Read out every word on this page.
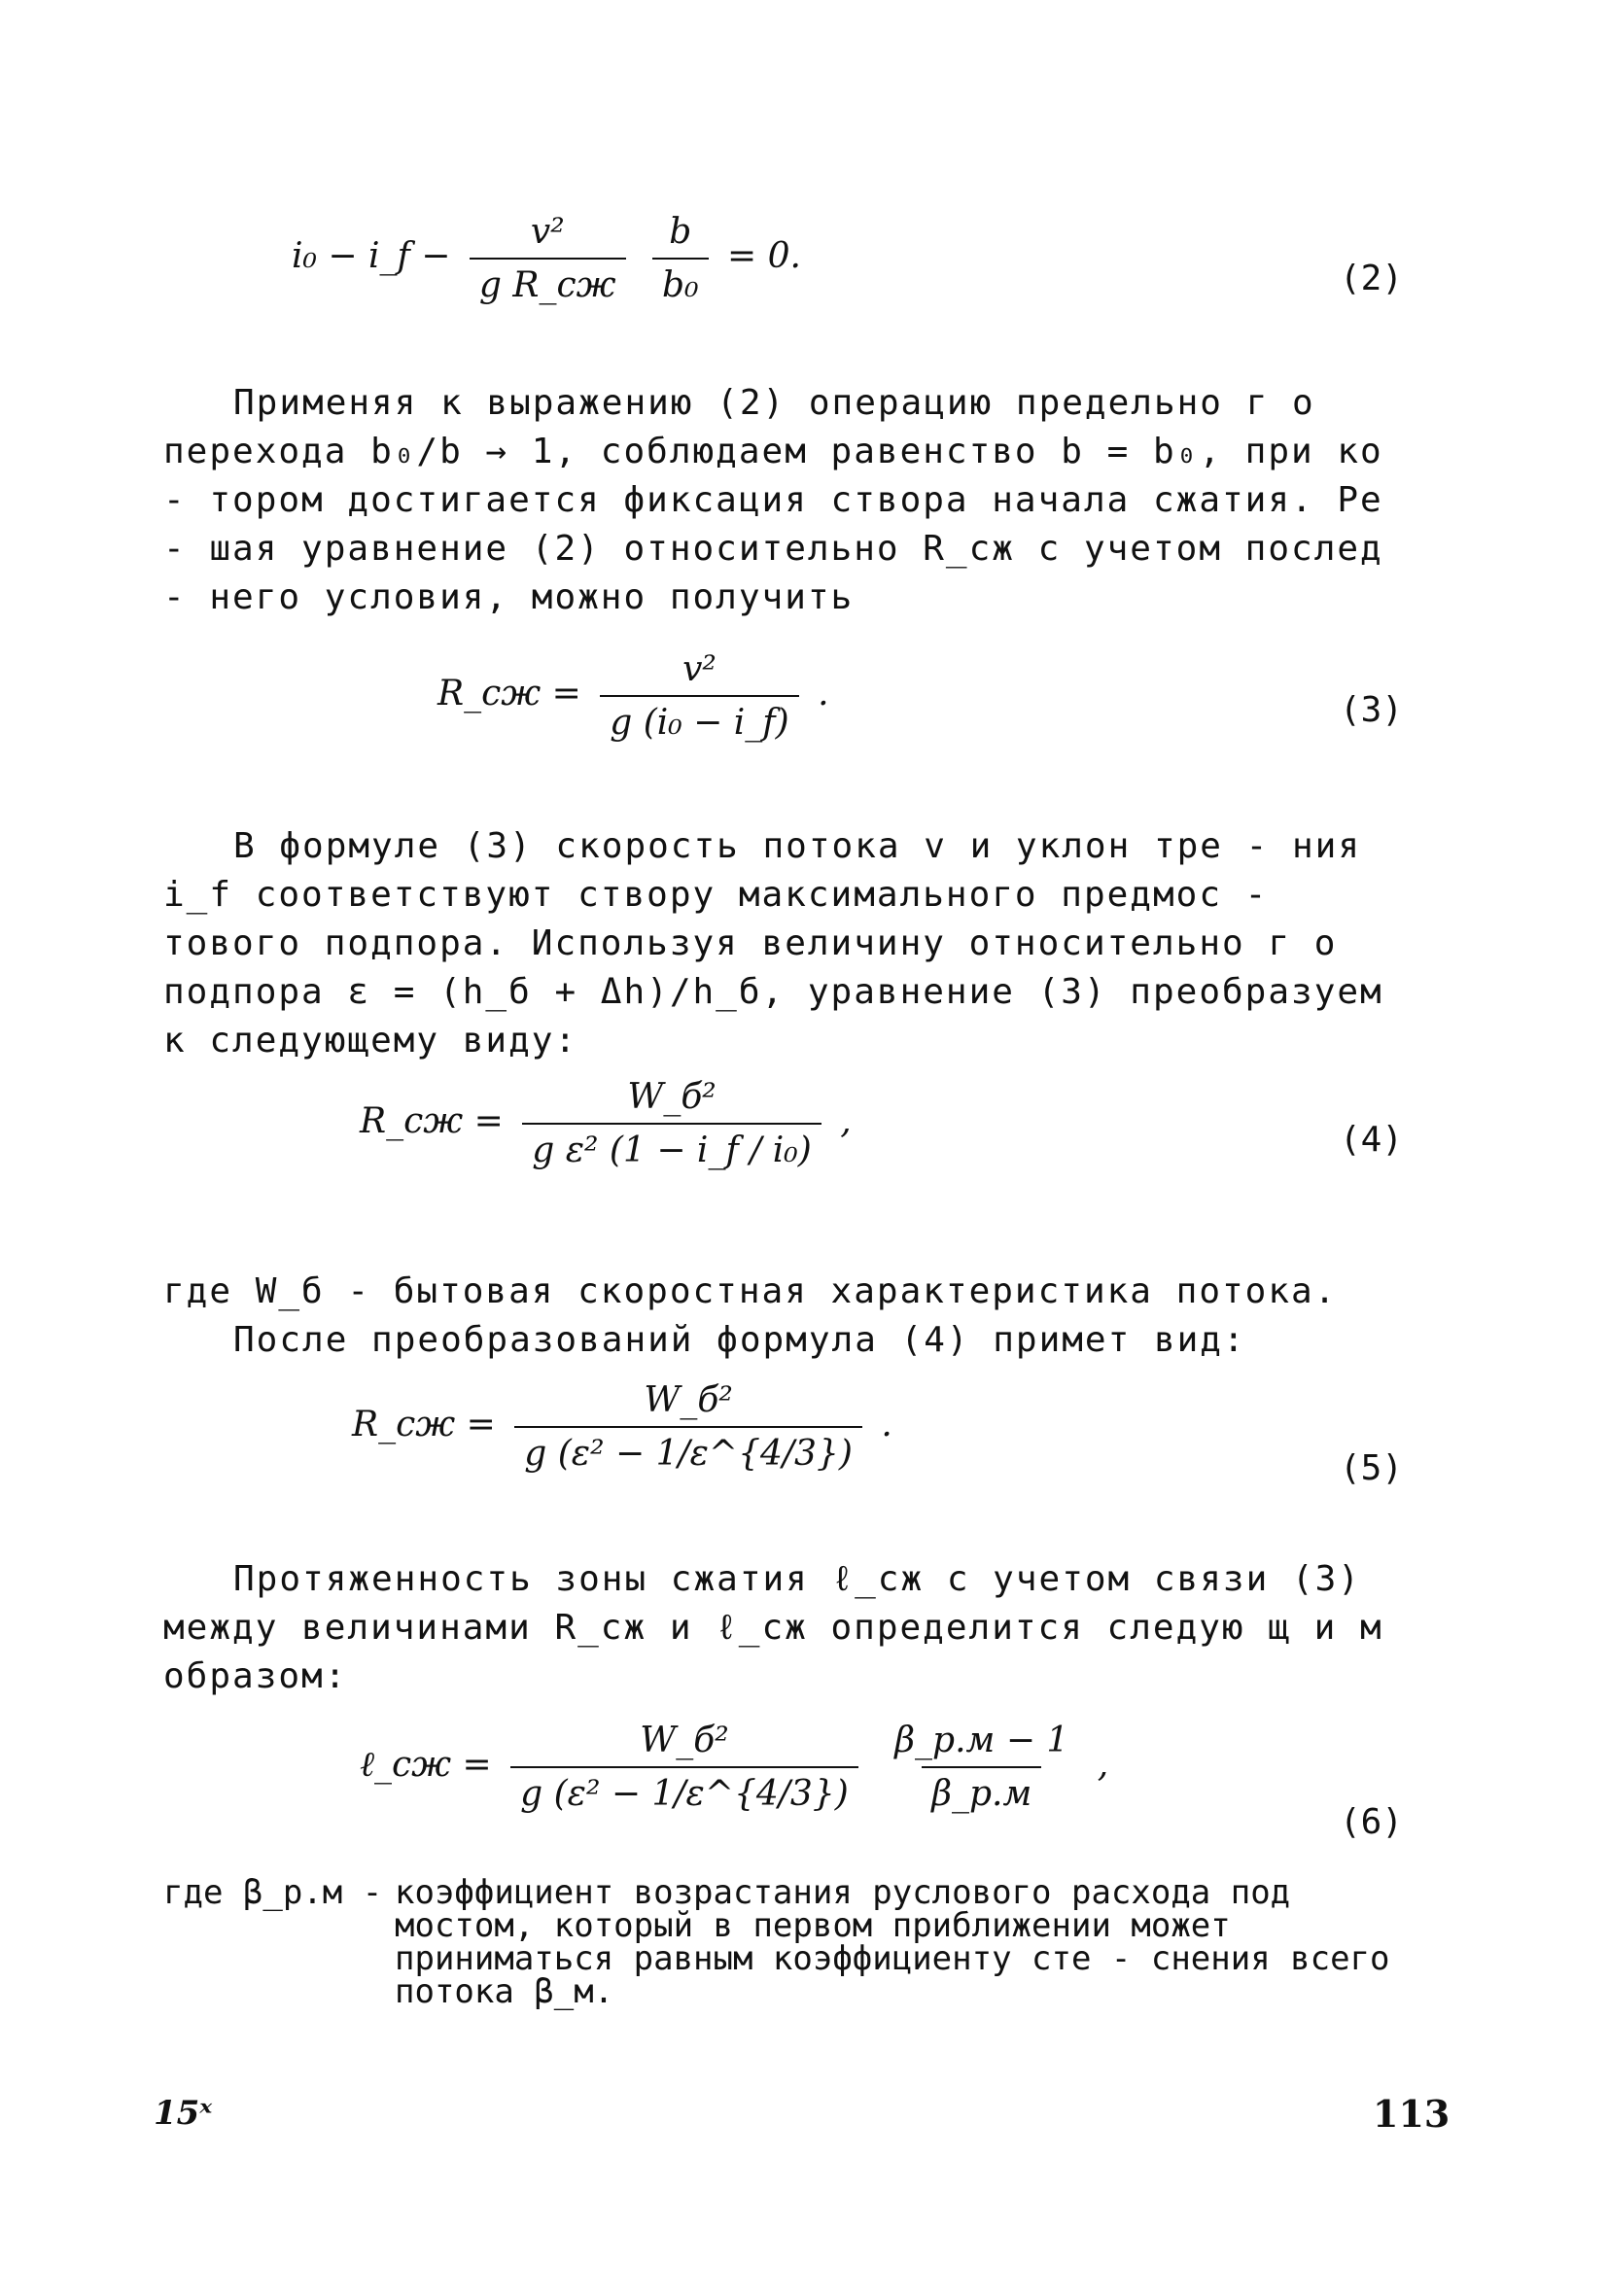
i₀ − i_f − $\frac{\text{v²}}{\text{g R\_сж}}$
$\frac{b}{\text{b₀}} = 0$.
(2)

Применяя к выражению (2) операцию предельно г о перехода b₀/b → 1, соблюдаем равенство b = b₀, при ко - тором достигается фиксация створа начала сжатия. Ре - шая уравнение (2) относительно R_сж с учетом послед - него условия, можно получить

R_сж = $\frac{\text{v²}}{\text{g (i₀ − i\_f)}}$ .	(3)

В формуле (3) скорость потока v и уклон тре - ния i_f соответствуют створу максимального предмос - тового подпора. Используя величину относительно г о подпора ε = (h_б + Δh)/h_б, уравнение (3) преобразуем к следующему виду:

R_сж = $\frac{\text{W\_б²}}{\text{g ε² (1 − i\_f / i₀)}}$ ,	(4)

где W_б - бытовая скоростная характеристика потока.

После преобразований формула (4) примет вид:

R_сж = $\frac{\text{W\_б²}}{\text{g (ε² − 1/ε\textasciicircum{}\{4/3\})}}$ .
(5)

Протяженность зоны сжатия ℓ_сж с учетом связи (3) между величинами R_сж и ℓ_сж определится следую щ и м образом:

ℓ_сж = $\frac{\text{W\_б²}}{\text{g (ε² − 1/ε\textasciicircum{}\{4/3\})}}$
$\frac{\beta\_р.м - 1}{\beta\_р.м}$ ,
(6)
где β_р.м - коэффициент возрастания руслового расхода под мостом, который в первом приближении может приниматься равным коэффициенту сте - снения всего потока β_м.
15ˣ	113
